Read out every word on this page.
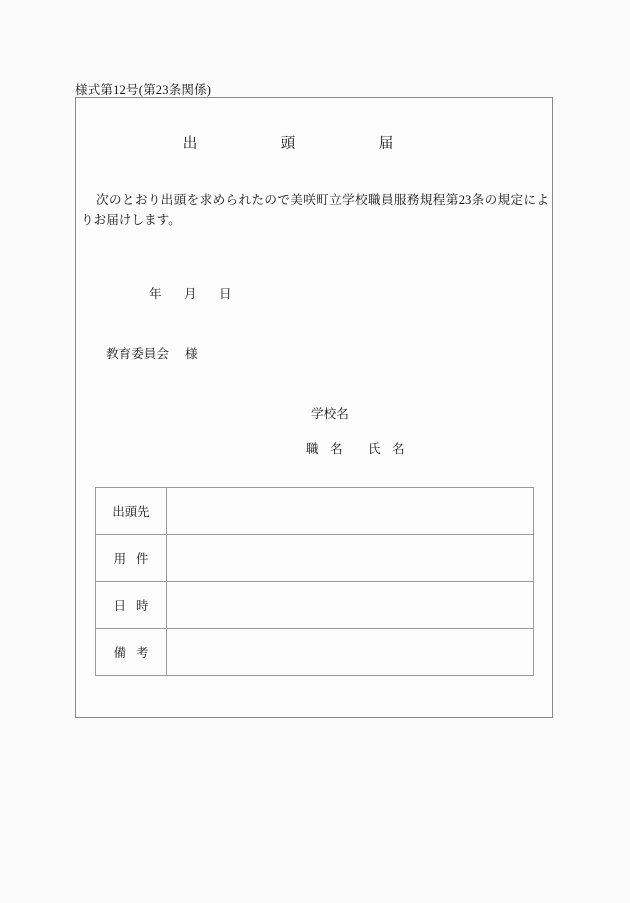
様式第12号(第23条関係)
出	頭	届
次のとおり出頭を求められたので美咲町立学校職員服務規程第23条の規定によりお届けします。
年 月 日
教育委員会 様
学校名
職 名 氏 名
出頭先	
用 件	
日 時	
備 考	
